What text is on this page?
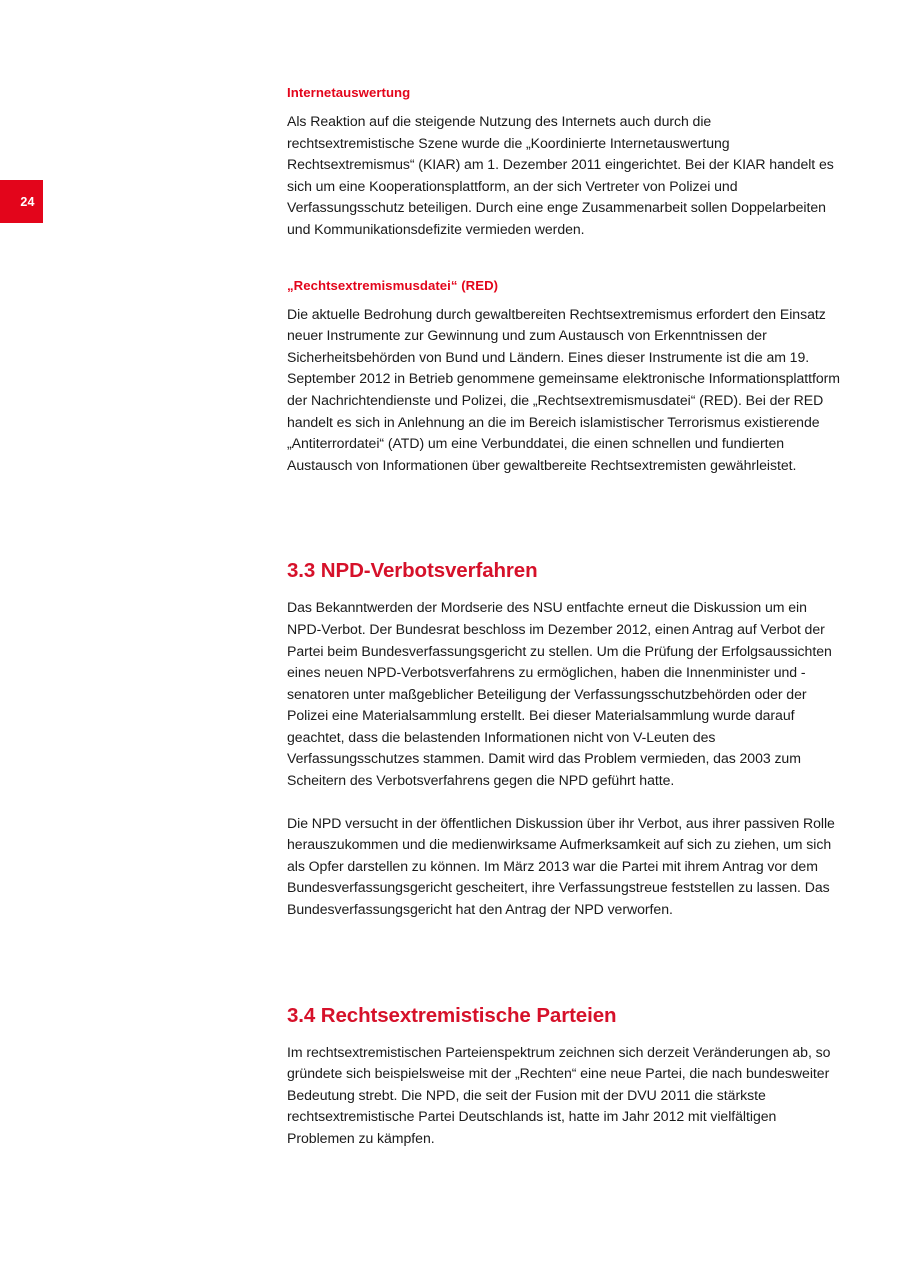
24
Internetauswertung

Als Reaktion auf die steigende Nutzung des Internets auch durch die rechtsextremistische Szene wurde die „Koordinierte Internetauswertung Rechtsextremismus“ (KIAR) am 1. Dezember 2011 eingerichtet. Bei der KIAR handelt es sich um eine Kooperationsplattform, an der sich Vertreter von Polizei und Verfassungsschutz beteiligen. Durch eine enge Zusammenarbeit sollen Doppelarbeiten und Kommunikationsdefizite vermieden werden.

„Rechtsextremismusdatei“ (RED)

Die aktuelle Bedrohung durch gewaltbereiten Rechtsextremismus erfordert den Einsatz neuer Instrumente zur Gewinnung und zum Austausch von Erkenntnissen der Sicherheitsbehörden von Bund und Ländern. Eines dieser Instrumente ist die am 19. September 2012 in Betrieb genommene gemeinsame elektronische Informationsplattform der Nachrichtendienste und Polizei, die „Rechtsextremismusdatei“ (RED). Bei der RED handelt es sich in Anlehnung an die im Bereich islamistischer Terrorismus existierende „Antiterrordatei“ (ATD) um eine Verbunddatei, die einen schnellen und fundierten Austausch von Informationen über gewaltbereite Rechtsextremisten gewährleistet.

3.3 NPD-Verbotsverfahren

Das Bekanntwerden der Mordserie des NSU entfachte erneut die Diskussion um ein NPD-Verbot. Der Bundesrat beschloss im Dezember 2012, einen Antrag auf Verbot der Partei beim Bundesverfassungsgericht zu stellen. Um die Prüfung der Erfolgsaussichten eines neuen NPD-Verbotsverfahrens zu ermöglichen, haben die Innenminister und -senatoren unter maßgeblicher Beteiligung der Verfassungsschutzbehörden oder der Polizei eine Materialsammlung erstellt. Bei dieser Materialsammlung wurde darauf geachtet, dass die belastenden Informationen nicht von V-Leuten des Verfassungsschutzes stammen. Damit wird das Problem vermieden, das 2003 zum Scheitern des Verbotsverfahrens gegen die NPD geführt hatte.

Die NPD versucht in der öffentlichen Diskussion über ihr Verbot, aus ihrer passiven Rolle herauszukommen und die medienwirksame Aufmerksamkeit auf sich zu ziehen, um sich als Opfer darstellen zu können. Im März 2013 war die Partei mit ihrem Antrag vor dem Bundesverfassungsgericht gescheitert, ihre Verfassungstreue feststellen zu lassen. Das Bundesverfassungsgericht hat den Antrag der NPD verworfen.

3.4 Rechtsextremistische Parteien

Im rechtsextremistischen Parteienspektrum zeichnen sich derzeit Veränderungen ab, so gründete sich beispielsweise mit der „Rechten“ eine neue Partei, die nach bundesweiter Bedeutung strebt. Die NPD, die seit der Fusion mit der DVU 2011 die stärkste rechtsextremistische Partei Deutschlands ist, hatte im Jahr 2012 mit vielfältigen Problemen zu kämpfen.
